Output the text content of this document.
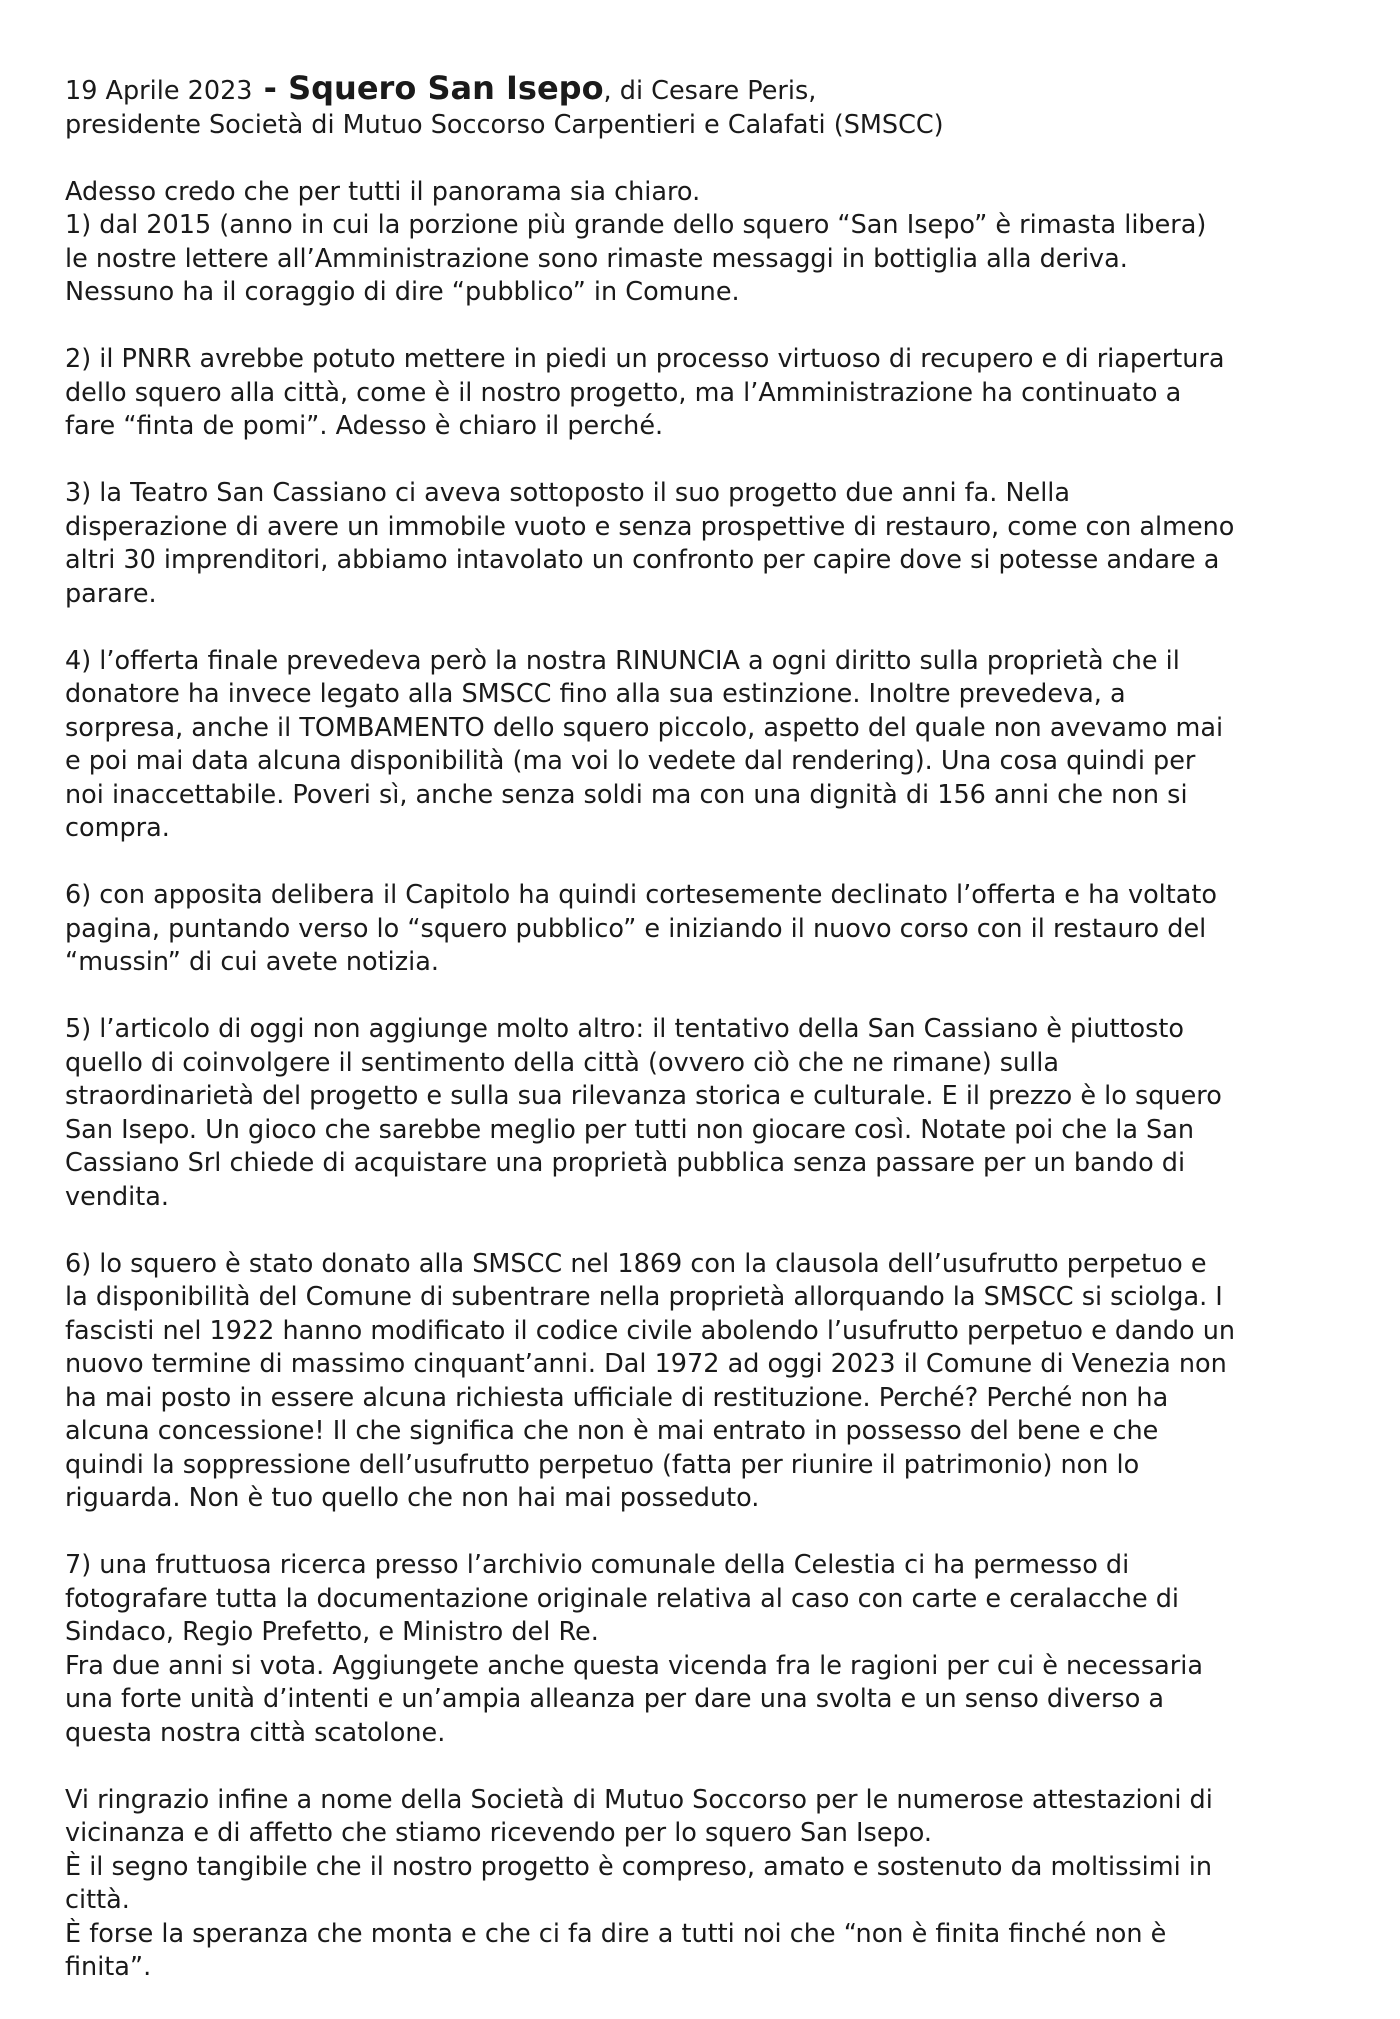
19 Aprile 2023 - Squero San Isepo, di Cesare Peris,

presidente Società di Mutuo Soccorso Carpentieri e Calafati (SMSCC)

Adesso credo che per tutti il panorama sia chiaro.

1) dal 2015 (anno in cui la porzione più grande dello squero “San Isepo” è rimasta libera)

le nostre lettere all’Amministrazione sono rimaste messaggi in bottiglia alla deriva.

Nessuno ha il coraggio di dire “pubblico” in Comune.

2) il PNRR avrebbe potuto mettere in piedi un processo virtuoso di recupero e di riapertura

dello squero alla città, come è il nostro progetto, ma l’Amministrazione ha continuato a

fare “finta de pomi”. Adesso è chiaro il perché.

3) la Teatro San Cassiano ci aveva sottoposto il suo progetto due anni fa. Nella

disperazione di avere un immobile vuoto e senza prospettive di restauro, come con almeno

altri 30 imprenditori, abbiamo intavolato un confronto per capire dove si potesse andare a

parare.

4) l’offerta finale prevedeva però la nostra RINUNCIA a ogni diritto sulla proprietà che il

donatore ha invece legato alla SMSCC fino alla sua estinzione. Inoltre prevedeva, a

sorpresa, anche il TOMBAMENTO dello squero piccolo, aspetto del quale non avevamo mai

e poi mai data alcuna disponibilità (ma voi lo vedete dal rendering). Una cosa quindi per

noi inaccettabile. Poveri sì, anche senza soldi ma con una dignità di 156 anni che non si

compra.

6) con apposita delibera il Capitolo ha quindi cortesemente declinato l’offerta e ha voltato

pagina, puntando verso lo “squero pubblico” e iniziando il nuovo corso con il restauro del

“mussin” di cui avete notizia.

5) l’articolo di oggi non aggiunge molto altro: il tentativo della San Cassiano è piuttosto

quello di coinvolgere il sentimento della città (ovvero ciò che ne rimane) sulla

straordinarietà del progetto e sulla sua rilevanza storica e culturale. E il prezzo è lo squero

San Isepo. Un gioco che sarebbe meglio per tutti non giocare così. Notate poi che la San

Cassiano Srl chiede di acquistare una proprietà pubblica senza passare per un bando di

vendita.

6) lo squero è stato donato alla SMSCC nel 1869 con la clausola dell’usufrutto perpetuo e

la disponibilità del Comune di subentrare nella proprietà allorquando la SMSCC si sciolga. I

fascisti nel 1922 hanno modificato il codice civile abolendo l’usufrutto perpetuo e dando un

nuovo termine di massimo cinquant’anni. Dal 1972 ad oggi 2023 il Comune di Venezia non

ha mai posto in essere alcuna richiesta ufficiale di restituzione. Perché? Perché non ha

alcuna concessione! Il che significa che non è mai entrato in possesso del bene e che

quindi la soppressione dell’usufrutto perpetuo (fatta per riunire il patrimonio) non lo

riguarda. Non è tuo quello che non hai mai posseduto.

7) una fruttuosa ricerca presso l’archivio comunale della Celestia ci ha permesso di

fotografare tutta la documentazione originale relativa al caso con carte e ceralacche di

Sindaco, Regio Prefetto, e Ministro del Re.

Fra due anni si vota. Aggiungete anche questa vicenda fra le ragioni per cui è necessaria

una forte unità d’intenti e un’ampia alleanza per dare una svolta e un senso diverso a

questa nostra città scatolone.

Vi ringrazio infine a nome della Società di Mutuo Soccorso per le numerose attestazioni di

vicinanza e di affetto che stiamo ricevendo per lo squero San Isepo.

È il segno tangibile che il nostro progetto è compreso, amato e sostenuto da moltissimi in

città.

È forse la speranza che monta e che ci fa dire a tutti noi che “non è finita finché non è

finita”.
